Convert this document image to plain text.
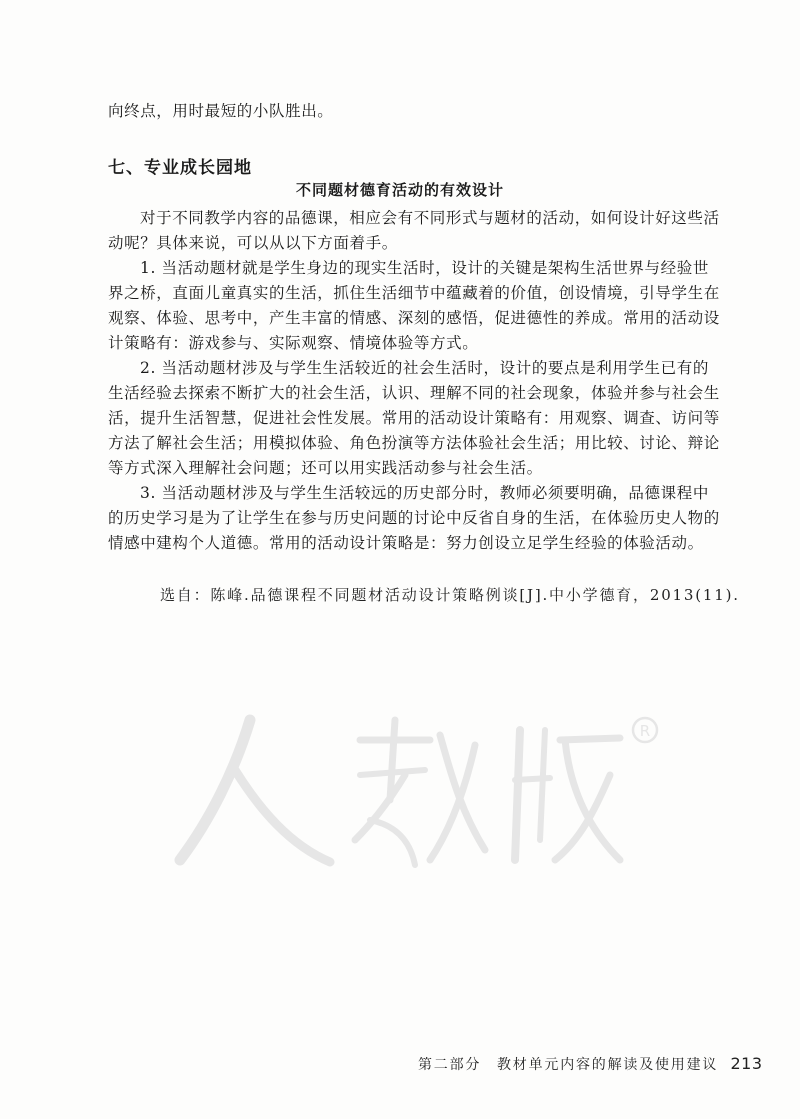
向终点，用时最短的小队胜出。
七、专业成长园地
不同题材德育活动的有效设计
对于不同教学内容的品德课，相应会有不同形式与题材的活动，如何设计好这些活
动呢？具体来说，可以从以下方面着手。
1. 当活动题材就是学生身边的现实生活时，设计的关键是架构生活世界与经验世
界之桥，直面儿童真实的生活，抓住生活细节中蕴藏着的价值，创设情境，引导学生在
观察、体验、思考中，产生丰富的情感、深刻的感悟，促进德性的养成。常用的活动设
计策略有：游戏参与、实际观察、情境体验等方式。
2. 当活动题材涉及与学生生活较近的社会生活时，设计的要点是利用学生已有的
生活经验去探索不断扩大的社会生活，认识、理解不同的社会现象，体验并参与社会生
活，提升生活智慧，促进社会性发展。常用的活动设计策略有：用观察、调查、访问等
方法了解社会生活；用模拟体验、角色扮演等方法体验社会生活；用比较、讨论、辩论
等方式深入理解社会问题；还可以用实践活动参与社会生活。
3. 当活动题材涉及与学生生活较远的历史部分时，教师必须要明确，品德课程中
的历史学习是为了让学生在参与历史问题的讨论中反省自身的生活，在体验历史人物的
情感中建构个人道德。常用的活动设计策略是：努力创设立足学生经验的体验活动。
选自：陈峰.品德课程不同题材活动设计策略例谈[J].中小学德育，2013(11).
R
第二部分　教材单元内容的解读及使用建议 213
